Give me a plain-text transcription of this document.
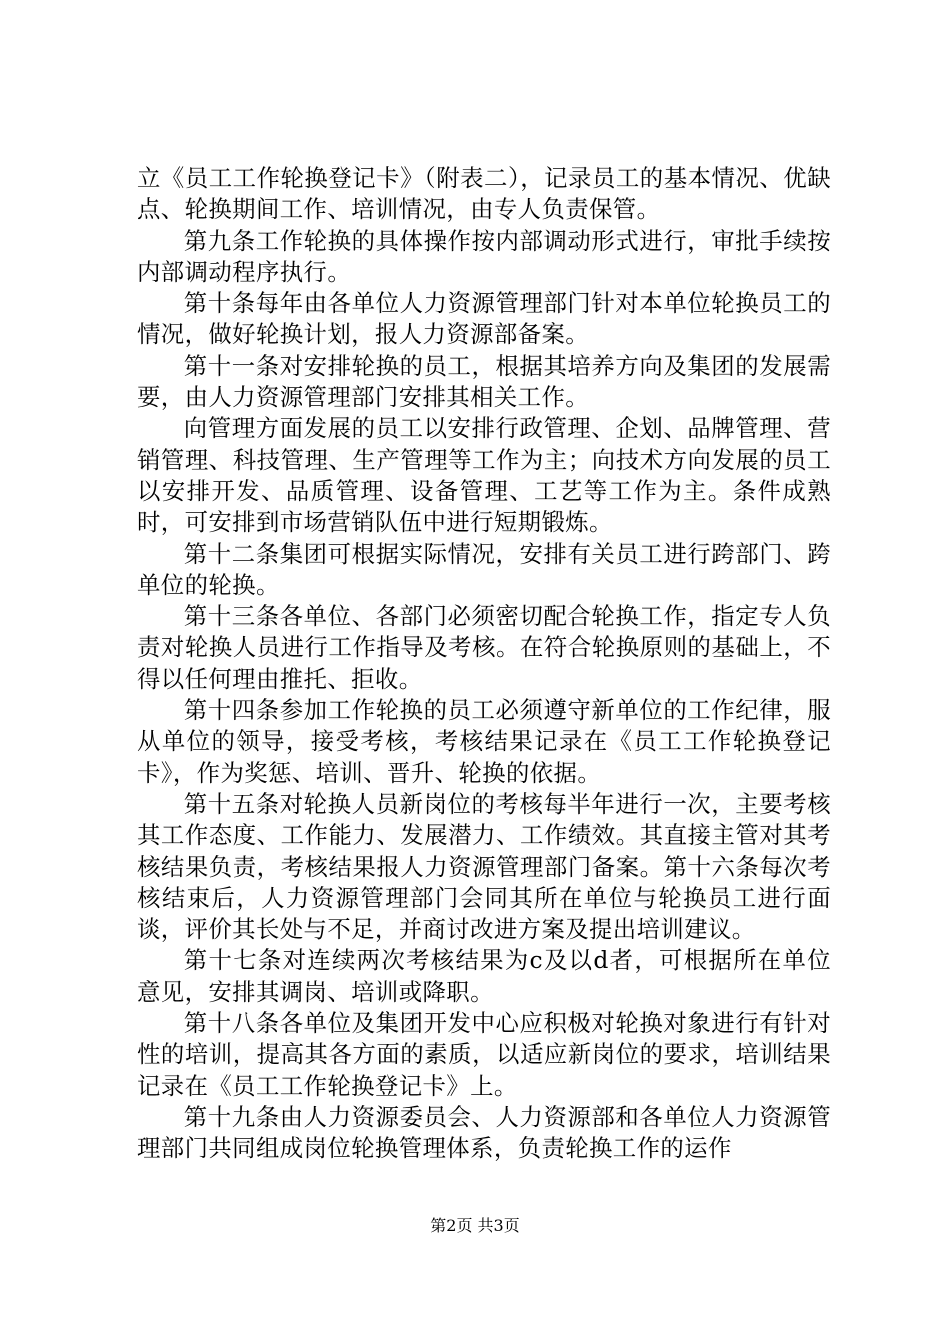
立《员工工作轮换登记卡》（附表二），记录员工的基本情况、优缺点、轮换期间工作、培训情况，由专人负责保管。

第九条工作轮换的具体操作按内部调动形式进行，审批手续按内部调动程序执行。

第十条每年由各单位人力资源管理部门针对本单位轮换员工的情况，做好轮换计划，报人力资源部备案。

第十一条对安排轮换的员工，根据其培养方向及集团的发展需要，由人力资源管理部门安排其相关工作。

向管理方面发展的员工以安排行政管理、企划、品牌管理、营销管理、科技管理、生产管理等工作为主；向技术方向发展的员工以安排开发、品质管理、设备管理、工艺等工作为主。条件成熟时，可安排到市场营销队伍中进行短期锻炼。

第十二条集团可根据实际情况，安排有关员工进行跨部门、跨单位的轮换。

第十三条各单位、各部门必须密切配合轮换工作，指定专人负责对轮换人员进行工作指导及考核。在符合轮换原则的基础上，不得以任何理由推托、拒收。

第十四条参加工作轮换的员工必须遵守新单位的工作纪律，服从单位的领导，接受考核，考核结果记录在《员工工作轮换登记卡》，作为奖惩、培训、晋升、轮换的依据。

第十五条对轮换人员新岗位的考核每半年进行一次，主要考核其工作态度、工作能力、发展潜力、工作绩效。其直接主管对其考核结果负责，考核结果报人力资源管理部门备案。第十六条每次考核结束后，人力资源管理部门会同其所在单位与轮换员工进行面谈，评价其长处与不足，并商讨改进方案及提出培训建议。

第十七条对连续两次考核结果为c及以d者，可根据所在单位意见，安排其调岗、培训或降职。

第十八条各单位及集团开发中心应积极对轮换对象进行有针对性的培训，提高其各方面的素质，以适应新岗位的要求，培训结果记录在《员工工作轮换登记卡》上。

第十九条由人力资源委员会、人力资源部和各单位人力资源管理部门共同组成岗位轮换管理体系，负责轮换工作的运作

第2页 共3页
